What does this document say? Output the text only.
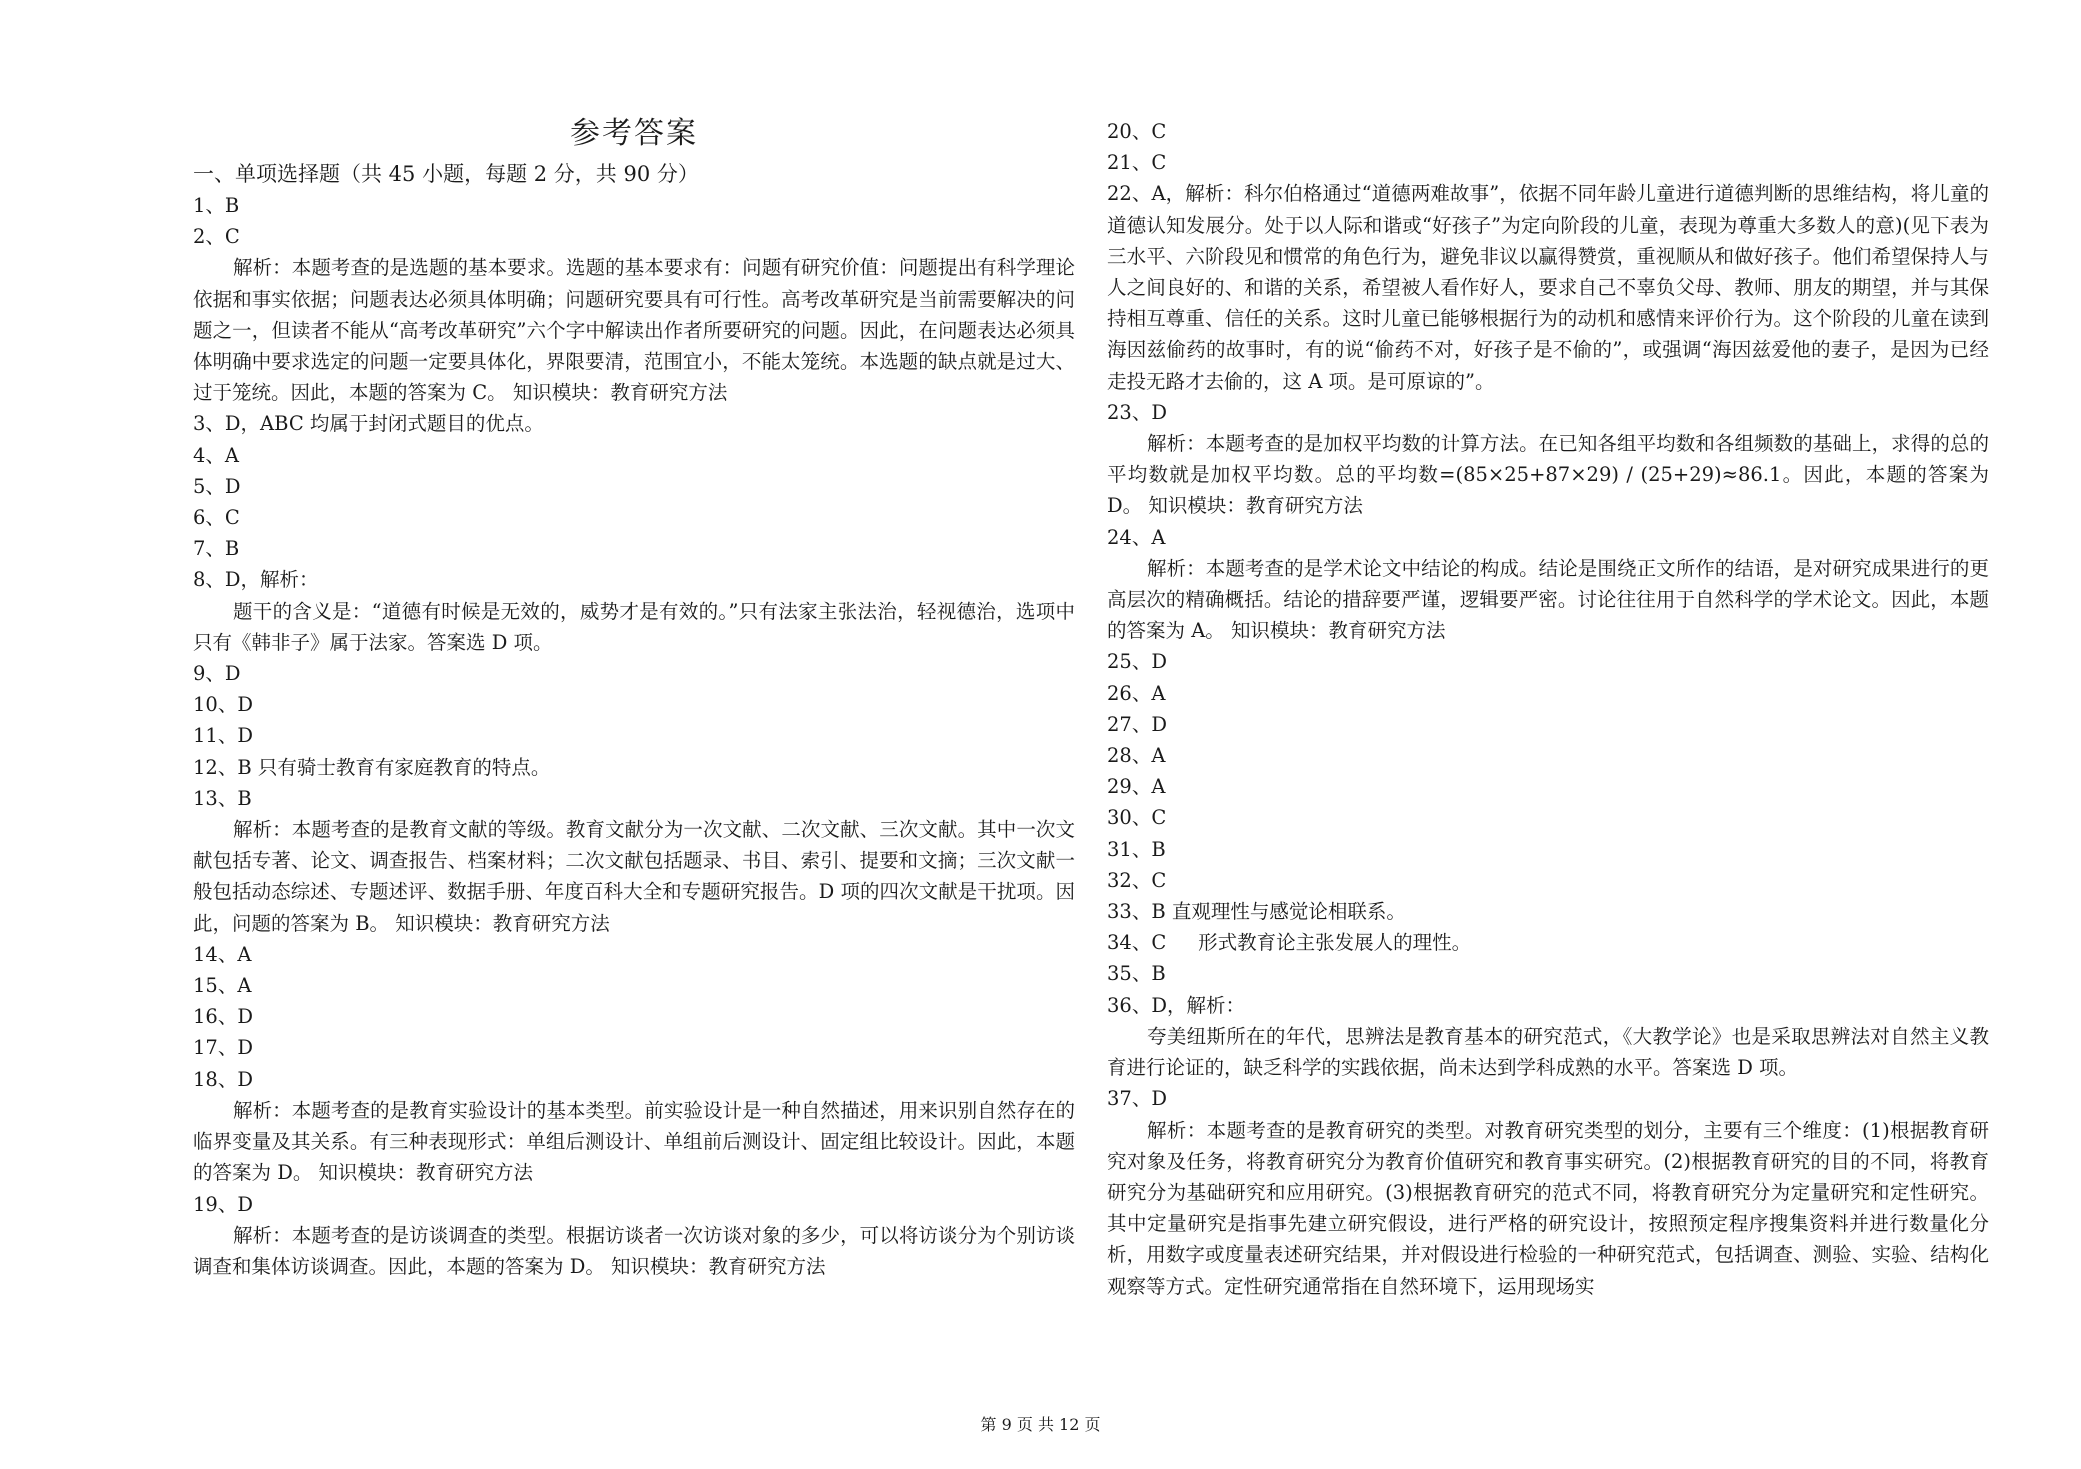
参考答案
一、单项选择题（共 45 小题，每题 2 分，共 90 分）
1、B
2、C
解析：本题考查的是选题的基本要求。选题的基本要求有：问题有研究价值：问题提出有科学理论依据和事实依据；问题表达必须具体明确；问题研究要具有可行性。高考改革研究是当前需要解决的问题之一，但读者不能从“高考改革研究”六个字中解读出作者所要研究的问题。因此，在问题表达必须具体明确中要求选定的问题一定要具体化，界限要清，范围宜小，不能太笼统。本选题的缺点就是过大、过于笼统。因此，本题的答案为 C。 知识模块：教育研究方法
3、D，ABC 均属于封闭式题目的优点。
4、A
5、D
6、C
7、B
8、D，解析：
题干的含义是：“道德有时候是无效的，威势才是有效的。”只有法家主张法治，轻视德治，选项中只有《韩非子》属于法家。答案选 D 项。
9、D
10、D
11、D
12、B 只有骑士教育有家庭教育的特点。
13、B
解析：本题考查的是教育文献的等级。教育文献分为一次文献、二次文献、三次文献。其中一次文献包括专著、论文、调查报告、档案材料；二次文献包括题录、书目、索引、提要和文摘；三次文献一般包括动态综述、专题述评、数据手册、年度百科大全和专题研究报告。D 项的四次文献是干扰项。因此，问题的答案为 B。 知识模块：教育研究方法
14、A
15、A
16、D
17、D
18、D
解析：本题考查的是教育实验设计的基本类型。前实验设计是一种自然描述，用来识别自然存在的临界变量及其关系。有三种表现形式：单组后测设计、单组前后测设计、固定组比较设计。因此，本题的答案为 D。 知识模块：教育研究方法
19、D
解析：本题考查的是访谈调查的类型。根据访谈者一次访谈对象的多少，可以将访谈分为个别访谈调查和集体访谈调查。因此，本题的答案为 D。 知识模块：教育研究方法
20、C
21、C
22、A，解析：科尔伯格通过“道德两难故事”，依据不同年龄儿童进行道德判断的思维结构，将儿童的道德认知发展分。处于以人际和谐或“好孩子”为定向阶段的儿童，表现为尊重大多数人的意)(见下表为三水平、六阶段见和惯常的角色行为，避免非议以赢得赞赏，重视顺从和做好孩子。他们希望保持人与人之间良好的、和谐的关系，希望被人看作好人，要求自己不辜负父母、教师、朋友的期望，并与其保持相互尊重、信任的关系。这时儿童已能够根据行为的动机和感情来评价行为。这个阶段的儿童在读到海因兹偷药的故事时，有的说“偷药不对，好孩子是不偷的”，或强调“海因兹爱他的妻子，是因为已经走投无路才去偷的，这 A 项。是可原谅的”。
23、D
解析：本题考查的是加权平均数的计算方法。在已知各组平均数和各组频数的基础上，求得的总的平均数就是加权平均数。总的平均数=(85×25+87×29) / (25+29)≈86.1。因此，本题的答案为 D。 知识模块：教育研究方法
24、A
解析：本题考查的是学术论文中结论的构成。结论是围绕正文所作的结语，是对研究成果进行的更高层次的精确概括。结论的措辞要严谨，逻辑要严密。讨论往往用于自然科学的学术论文。因此，本题的答案为 A。 知识模块：教育研究方法
25、D
26、A
27、D
28、A
29、A
30、C
31、B
32、C
33、B 直观理性与感觉论相联系。
34、C 　 形式教育论主张发展人的理性。
35、B
36、D，解析：
夸美纽斯所在的年代，思辨法是教育基本的研究范式，《大教学论》也是采取思辨法对自然主义教育进行论证的，缺乏科学的实践依据，尚未达到学科成熟的水平。答案选 D 项。
37、D
解析：本题考查的是教育研究的类型。对教育研究类型的划分，主要有三个维度：(1)根据教育研究对象及任务，将教育研究分为教育价值研究和教育事实研究。(2)根据教育研究的目的不同，将教育研究分为基础研究和应用研究。(3)根据教育研究的范式不同，将教育研究分为定量研究和定性研究。其中定量研究是指事先建立研究假设，进行严格的研究设计，按照预定程序搜集资料并进行数量化分析，用数字或度量表述研究结果，并对假设进行检验的一种研究范式，包括调查、测验、实验、结构化观察等方式。定性研究通常指在自然环境下，运用现场实
第 9 页 共 12 页
